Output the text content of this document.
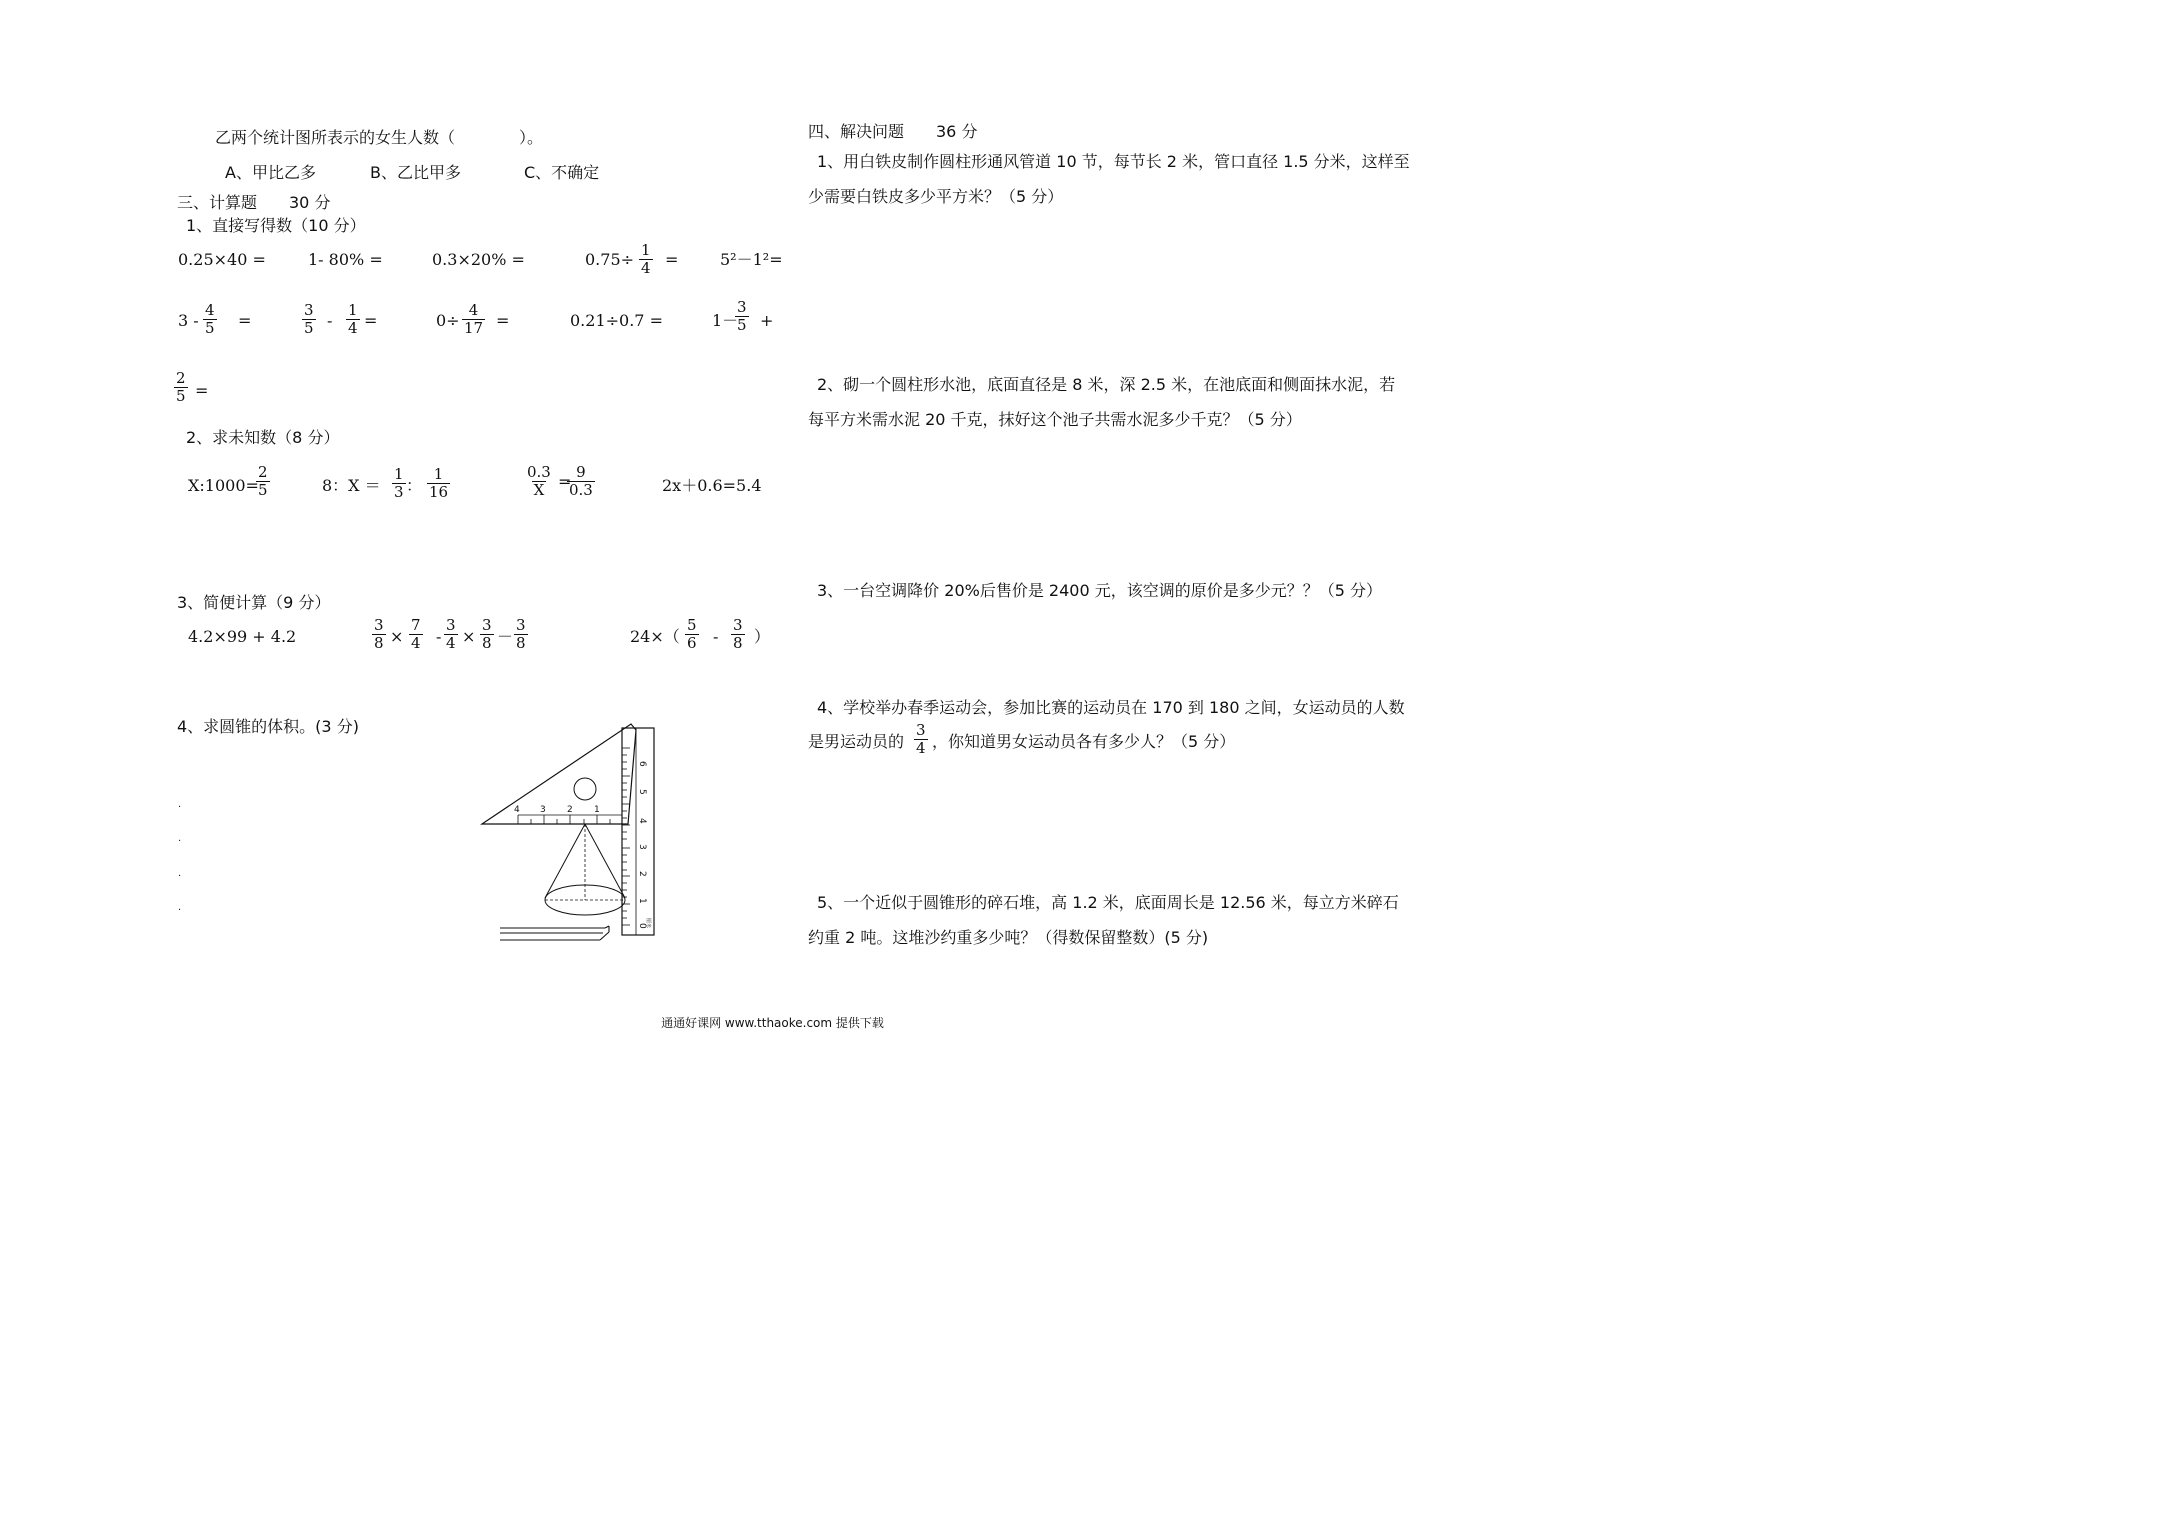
乙两个统计图所表示的女生人数（　　　　）。
A、甲比乙多	B、乙比甲多	C、不确定
三、计算题　　30 分
1、直接写得数（10 分）
0.25×40 =	1- 80% =	0.3×20% =	$0.75\div \frac{1}{4}$ =	5²－1²=
$3 - \frac{4}{5}$ =	$\frac{3}{5} - \frac{1}{4}$ =	$0\div \frac{4}{17}$ =	0.21÷0.7 =	1－
$\frac{3}{5}$ +
$\frac{2}{5}$ =
2、求未知数（8 分）
X:1000=
$\frac{2}{5}$	8：$X = \frac{1}{3}$ ： $\frac{1}{16}$	$\frac{0.3}{X}$ =
$\frac{9}{0.3}$	2x＋0.6=5.4
3、简便计算（9 分）
4.2×99 + 4.2	$\frac{3}{8} \times \frac{7}{4} - \frac{3}{4} \times \frac{3}{8} - \frac{3}{8}$	$24\times( \frac{5}{6} - \frac{3}{8}$ ）
4、求圆锥的体积。(3 分)
.
.
.
.
6
5
4
3
2
1
0
厘米
4 3 2 1
四、解决问题　　36 分
1、用白铁皮制作圆柱形通风管道 10 节，每节长 2 米，管口直径 1.5 分米，这样至
少需要白铁皮多少平方米？（5 分）
2、砌一个圆柱形水池，底面直径是 8 米，深 2.5 米，在池底面和侧面抹水泥，若
每平方米需水泥 20 千克，抹好这个池子共需水泥多少千克？（5 分）
3、一台空调降价 20%后售价是 2400 元，该空调的原价是多少元？？（5 分）
4、学校举办春季运动会，参加比赛的运动员在 170 到 180 之间，女运动员的人数
是男运动员的 $\frac{3}{4}$ ，你知道男女运动员各有多少人？（5 分）
5、一个近似于圆锥形的碎石堆，高 1.2 米，底面周长是 12.56 米，每立方米碎石
约重 2 吨。这堆沙约重多少吨？（得数保留整数）(5 分)
通通好课网 www.tthaoke.com 提供下载
